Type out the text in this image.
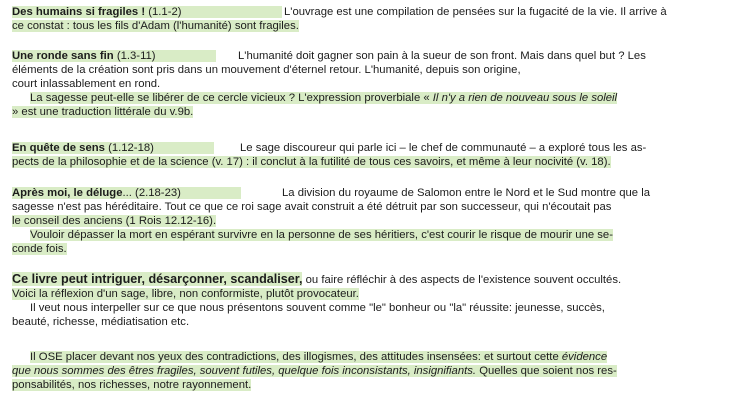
Des humains si fragiles ! (1.1-2)	L'ouvrage est une compilation de pensées sur la fugacité de la vie. Il arrive à
ce constat : tous les fils d'Adam (l'humanité) sont fragiles.
Une ronde sans fin (1.3-11)	L'humanité doit gagner son pain à la sueur de son front. Mais dans quel but ? Les
éléments de la création sont pris dans un mouvement d'éternel retour. L'humanité, depuis son origine,
court inlassablement en rond.
La sagesse peut-elle se libérer de ce cercle vicieux ? L'expression proverbiale « Il n'y a rien de nouveau sous le soleil
» est une traduction littérale du v.9b.
En quête de sens (1.12-18)	Le sage discoureur qui parle ici – le chef de communauté – a exploré tous les as-
pects de la philosophie et de la science (v. 17) : il conclut à la futilité de tous ces savoirs, et même à leur nocivité (v. 18).
Après moi, le déluge... (2.18-23)	La division du royaume de Salomon entre le Nord et le Sud montre que la
sagesse n'est pas héréditaire. Tout ce que ce roi sage avait construit a été détruit par son successeur, qui n'écoutait pas
le conseil des anciens (1 Rois 12.12-16).
Vouloir dépasser la mort en espérant survivre en la personne de ses héritiers, c'est courir le risque de mourir une se-
conde fois.
Ce livre peut intriguer, désarçonner, scandaliser, ou faire réfléchir à des aspects de l'existence souvent occultés.
Voici la réflexion d'un sage, libre, non conformiste, plutôt provocateur.
Il veut nous interpeller sur ce que nous présentons souvent comme "le" bonheur ou "la" réussite: jeunesse, succès,
beauté, richesse, médiatisation etc.
Il OSE placer devant nos yeux des contradictions, des illogismes, des attitudes insensées: et surtout cette évidence
que nous sommes des êtres fragiles, souvent futiles, quelque fois inconsistants, insignifiants. Quelles que soient nos res-
ponsabilités, nos richesses, notre rayonnement.
